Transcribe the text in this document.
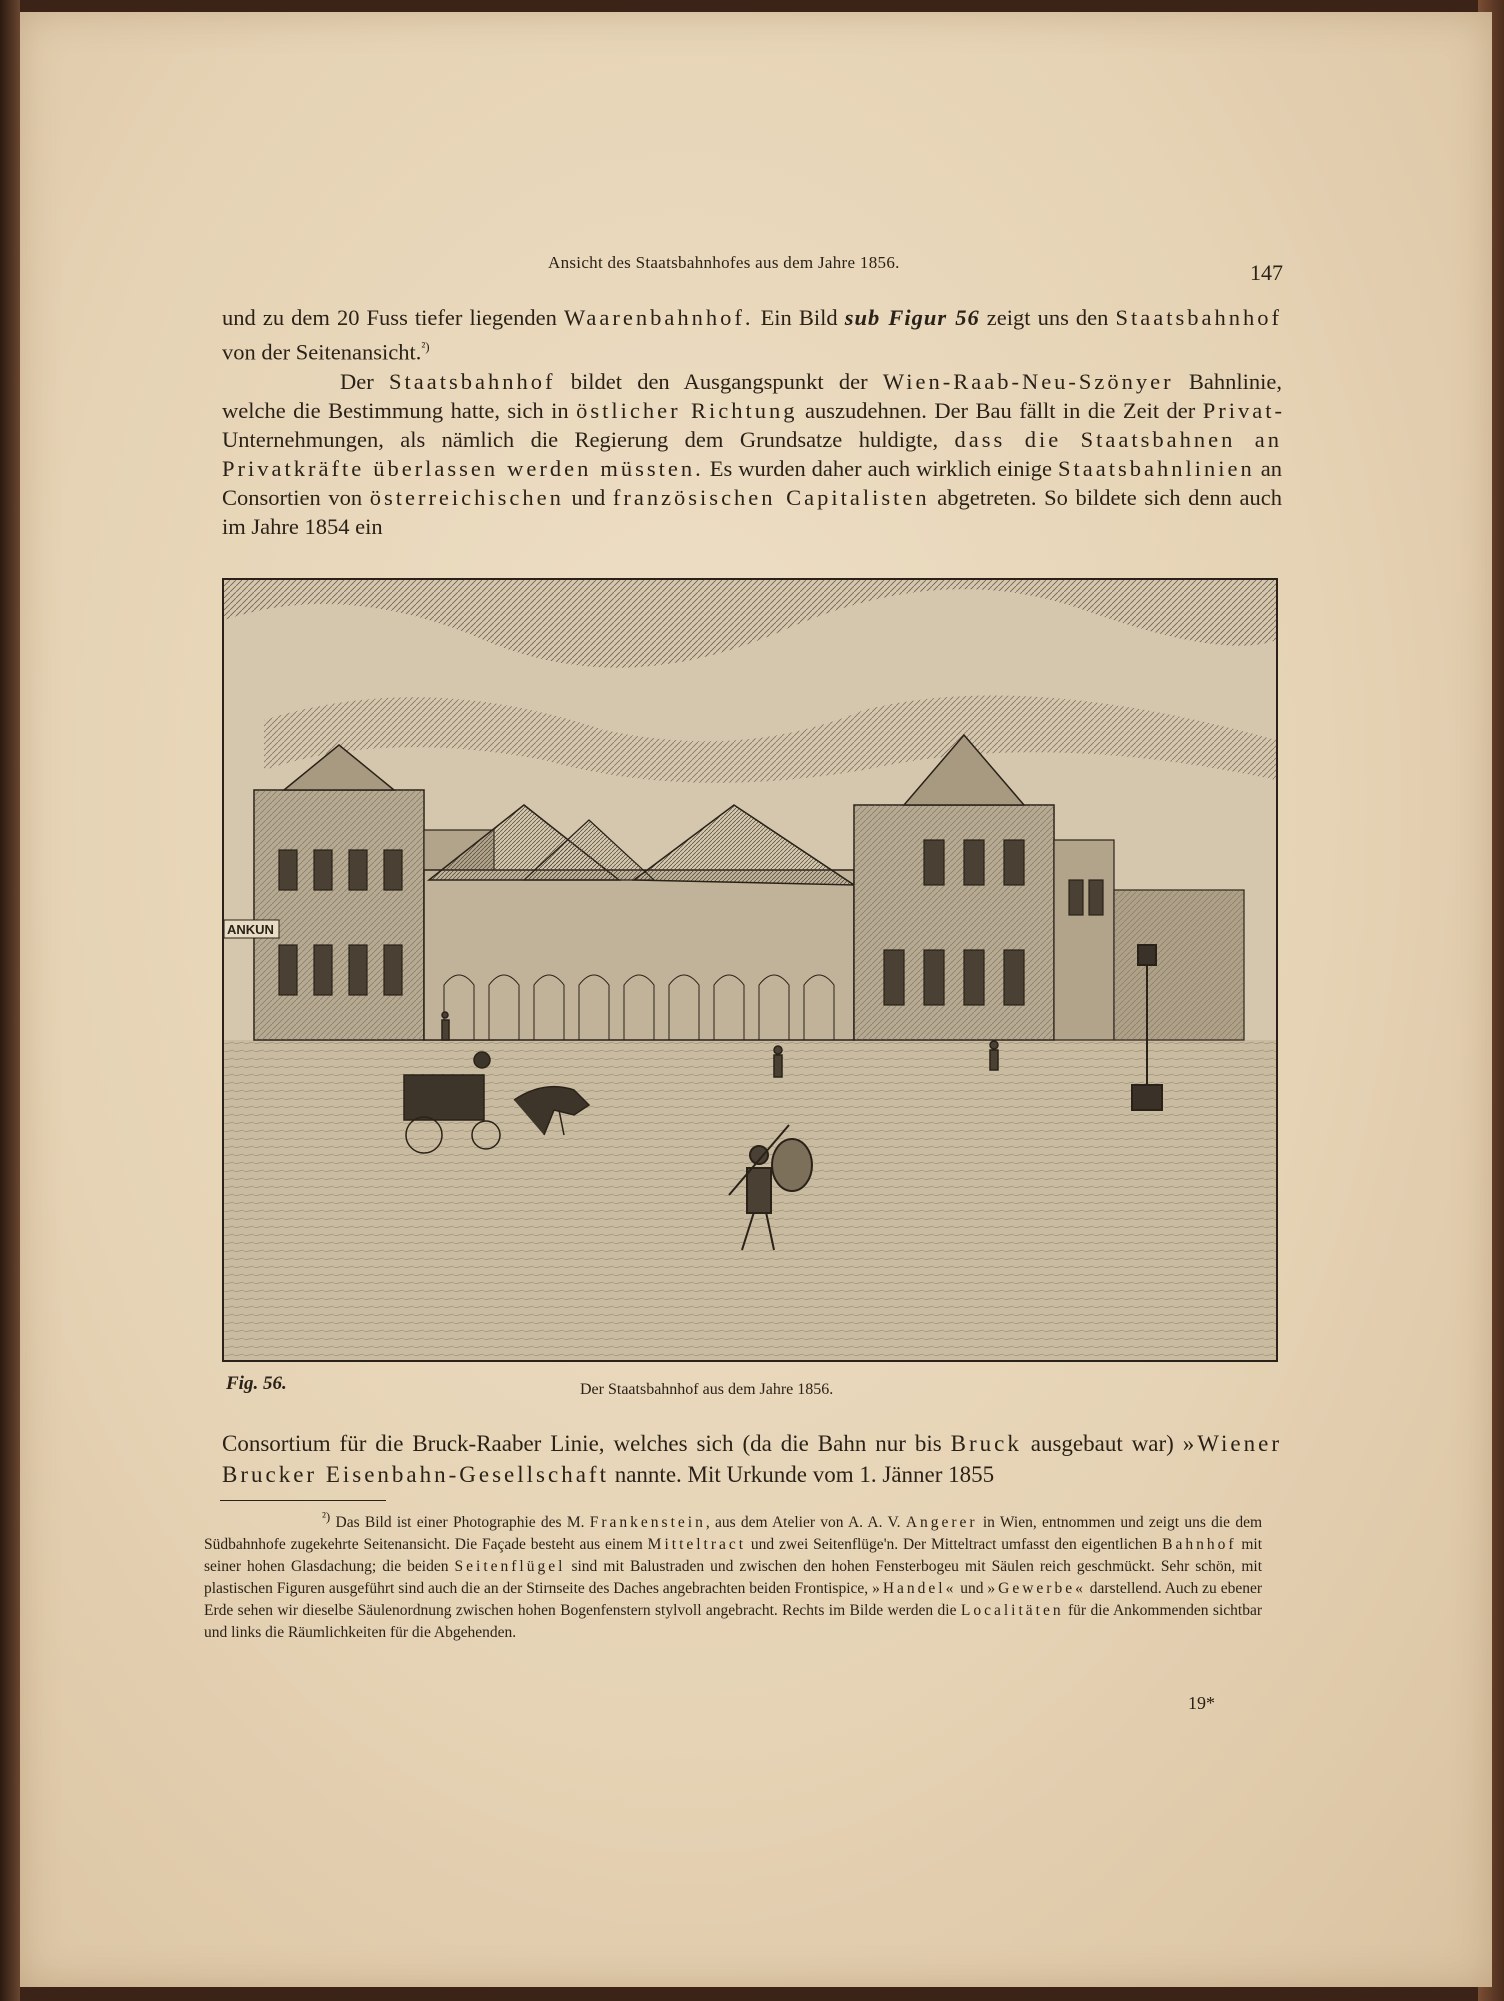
Ansicht des Staatsbahnhofes aus dem Jahre 1856.	147

und zu dem 20 Fuss tiefer liegenden Waarenbahnhof. Ein Bild sub Figur 56 zeigt uns den Staatsbahnhof von der Seitenansicht.$^{^2)}$

Der Staatsbahnhof bildet den Ausgangspunkt der Wien-Raab-Neu-Szönyer Bahnlinie, welche die Bestimmung hatte, sich in östlicher Richtung auszudehnen. Der Bau fällt in die Zeit der Privat-Unternehmungen, als nämlich die Regierung dem Grundsatze huldigte, dass die Staatsbahnen an Privatkräfte überlassen werden müssten. Es wurden daher auch wirklich einige Staatsbahnlinien an Consortien von österreichischen und französischen Capitalisten abgetreten. So bildete sich denn auch im Jahre 1854 ein

ANKUN
Fig. 56.	Der Staatsbahnhof aus dem Jahre 1856.

Consortium für die Bruck-Raaber Linie, welches sich (da die Bahn nur bis Bruck ausgebaut war) »Wiener Brucker Eisenbahn-Gesellschaft nannte. Mit Urkunde vom 1. Jänner 1855

$^{^2)}$ Das Bild ist einer Photographie des M. Frankenstein, aus dem Atelier von A. A. V. Angerer in Wien, entnommen und zeigt uns die dem Südbahnhofe zugekehrte Seitenansicht. Die Façade besteht aus einem Mitteltract und zwei Seitenflüge'n. Der Mitteltract umfasst den eigentlichen Bahnhof mit seiner hohen Glasdachung; die beiden Seitenflügel sind mit Balustraden und zwischen den hohen Fensterbogeu mit Säulen reich geschmückt. Sehr schön, mit plastischen Figuren ausgeführt sind auch die an der Stirnseite des Daches angebrachten beiden Frontispice, »Handel« und »Gewerbe« darstellend. Auch zu ebener Erde sehen wir dieselbe Säulenordnung zwischen hohen Bogenfenstern stylvoll angebracht. Rechts im Bilde werden die Localitäten für die Ankommenden sichtbar und links die Räumlichkeiten für die Abgehenden.

19*
